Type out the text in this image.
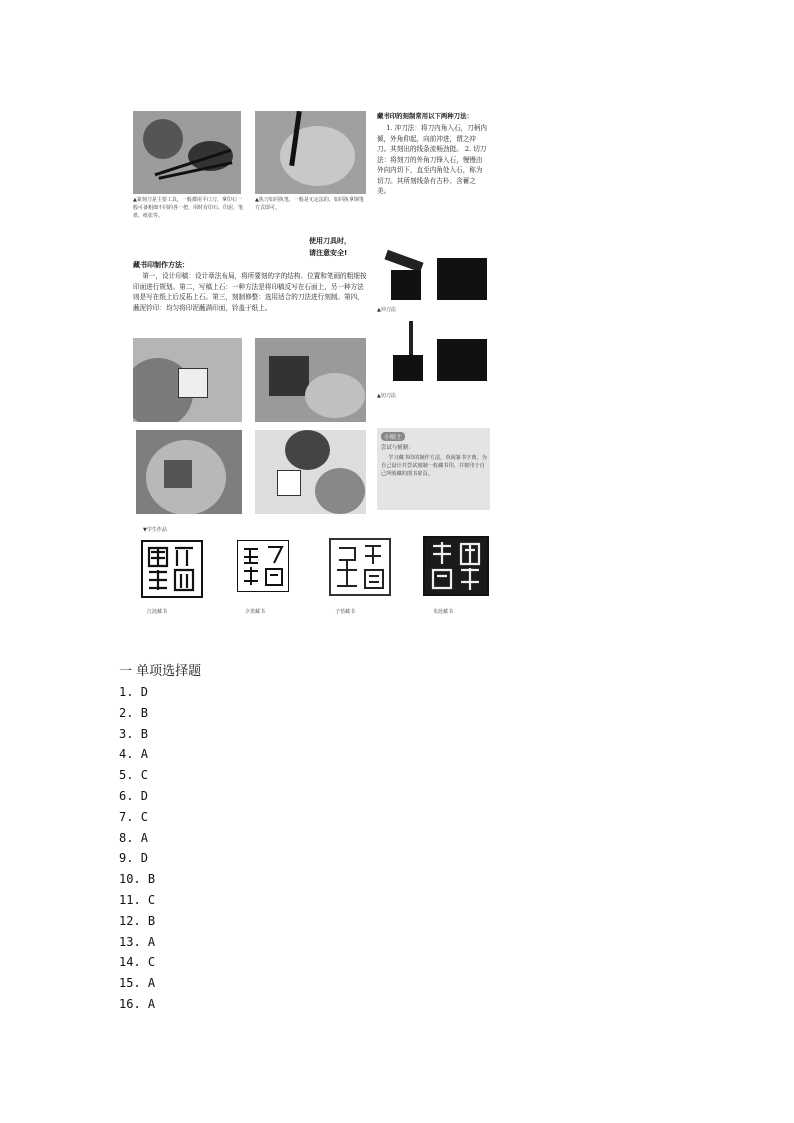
▲篆刻刀是主要工具，一般都用平口刀，拿印石一般可备粗细不同的各一把，用时有印石、印泥、笔墨、纸张等。
▲执刀如同执笔，一般是无定法的，如同执拿钢笔方式即可。
使用刀具时，
请注意安全!
藏书印制作方法：
第一，设计印稿：设计章法布局，将所要刻的字的结构、位置和笔画的粗细按印面进行规划。第二，写稿上石：一种方法是将印稿反写在石面上，另一种方法则是写在纸上后反拓上石。第三，刻制修整：选用适合的刀法进行刻制。第四，蘸泥钤印：均匀将印泥蘸满印面，钤盖于纸上。
藏书印的刻制常用以下两种刀法：
1. 冲刀法：将刀内角入石，刀柄内倾，外角仰起，向前冲进，谓之冲刀。其刻出的线条流畅劲挺。 2. 切刀法：将刻刀的外角刀锋入石，慢慢由外向内切下，直至内角处入石，称为切刀。其所刻线条有古朴、含蓄之美。
▲冲刀法
▲切刀法
小贴士
尝试与刻制：
学习藏书印的制作方法，查阅篆书字典，为自己设计并尝试刻制一枚藏书印，并将印于自己所收藏的图书扉页。
▼学生作品
江涟藏书	夕墨藏书	子恬藏书	朱涟藏书
一 单项选择题
1. D
2. B
3. B
4. A
5. C
6. D
7. C
8. A
9. D
10. B
11. C
12. B
13. A
14. C
15. A
16. A
